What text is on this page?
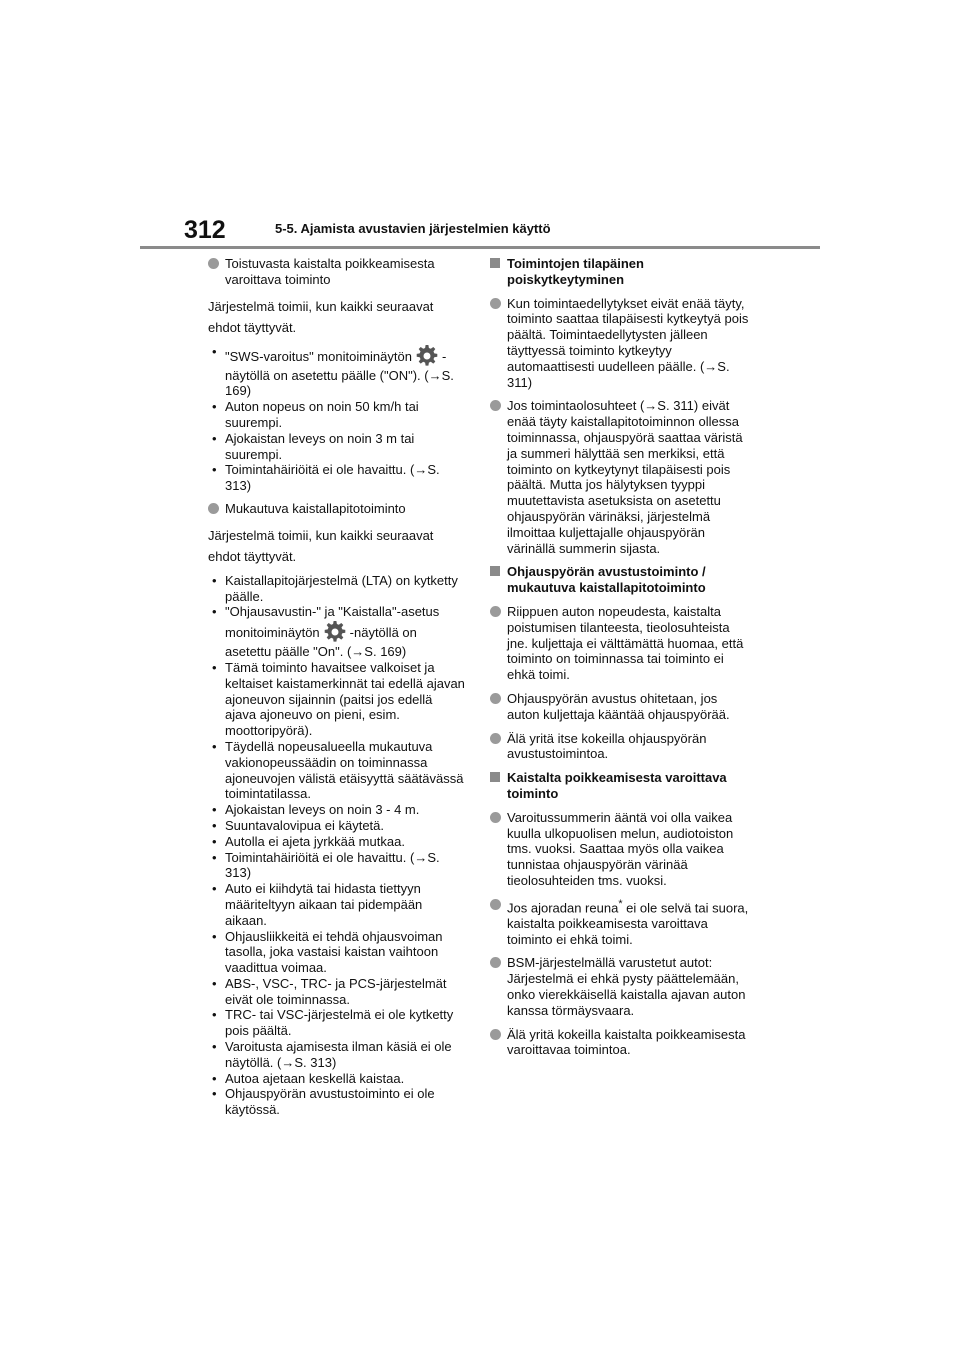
312	5-5. Ajamista avustavien järjestelmien käyttö
Toistuvasta kaistalta poikkeamisesta varoittava toiminto
Järjestelmä toimii, kun kaikki seuraavat ehdot täyttyvät.
• "SWS-varoitus" monitoiminäytön -näytöllä on asetettu päälle ("ON"). (→S. 169)
• Auton nopeus on noin 50 km/h tai suurempi.
• Ajokaistan leveys on noin 3 m tai suurempi.
• Toimintahäiriöitä ei ole havaittu. (→S. 313)
Mukautuva kaistallapitotoiminto
Järjestelmä toimii, kun kaikki seuraavat ehdot täyttyvät.
• Kaistallapitojärjestelmä (LTA) on kytketty päälle.
• "Ohjausavustin-" ja "Kaistalla"-asetus monitoiminäytön -näytöllä on asetettu päälle "On". (→S. 169)
• Tämä toiminto havaitsee valkoiset ja keltaiset kaistamerkinnät tai edellä ajavan ajoneuvon sijainnin (paitsi jos edellä ajava ajoneuvo on pieni, esim. moottoripyörä).
• Täydellä nopeusalueella mukautuva vakionopeussäädin on toiminnassa ajoneuvojen välistä etäisyyttä säätävässä toimintatilassa.
• Ajokaistan leveys on noin 3 - 4 m.
• Suuntavalovipua ei käytetä.
• Autolla ei ajeta jyrkkää mutkaa.
• Toimintahäiriöitä ei ole havaittu. (→S. 313)
• Auto ei kiihdytä tai hidasta tiettyyn määriteltyyn aikaan tai pidempään aikaan.
• Ohjausliikkeitä ei tehdä ohjausvoiman tasolla, joka vastaisi kaistan vaihtoon vaadittua voimaa.
• ABS-, VSC-, TRC- ja PCS-järjestelmät eivät ole toiminnassa.
• TRC- tai VSC-järjestelmä ei ole kytketty pois päältä.
• Varoitusta ajamisesta ilman käsiä ei ole näytöllä. (→S. 313)
• Autoa ajetaan keskellä kaistaa.
• Ohjauspyörän avustustoiminto ei ole käytössä.
Toimintojen tilapäinen poiskytkeytyminen
Kun toimintaedellytykset eivät enää täyty, toiminto saattaa tilapäisesti kytkeytyä pois päältä. Toimintaedellytysten jälleen täyttyessä toiminto kytkeytyy automaattisesti uudelleen päälle. (→S. 311)
Jos toimintaolosuhteet (→S. 311) eivät enää täyty kaistallapitotoiminnon ollessa toiminnassa, ohjauspyörä saattaa väristä ja summeri hälyttää sen merkiksi, että toiminto on kytkeytynyt tilapäisesti pois päältä. Mutta jos hälytyksen tyyppi muutettavista asetuksista on asetettu ohjauspyörän värinäksi, järjestelmä ilmoittaa kuljettajalle ohjauspyörän värinällä summerin sijasta.
Ohjauspyörän avustustoiminto / mukautuva kaistallapitotoiminto
Riippuen auton nopeudesta, kaistalta poistumisen tilanteesta, tieolosuhteista jne. kuljettaja ei välttämättä huomaa, että toiminto on toiminnassa tai toiminto ei ehkä toimi.
Ohjauspyörän avustus ohitetaan, jos auton kuljettaja kääntää ohjauspyörää.
Älä yritä itse kokeilla ohjauspyörän avustustoimintoa.
Kaistalta poikkeamisesta varoittava toiminto
Varoitussummerin ääntä voi olla vaikea kuulla ulkopuolisen melun, audiotoiston tms. vuoksi. Saattaa myös olla vaikea tunnistaa ohjauspyörän värinää tieolosuhteiden tms. vuoksi.
Jos ajoradan reuna* ei ole selvä tai suora, kaistalta poikkeamisesta varoittava toiminto ei ehkä toimi.
BSM-järjestelmällä varustetut autot: Järjestelmä ei ehkä pysty päättelemään, onko vierekkäisellä kaistalla ajavan auton kanssa törmäysvaara.
Älä yritä kokeilla kaistalta poikkeamisesta varoittavaa toimintoa.
